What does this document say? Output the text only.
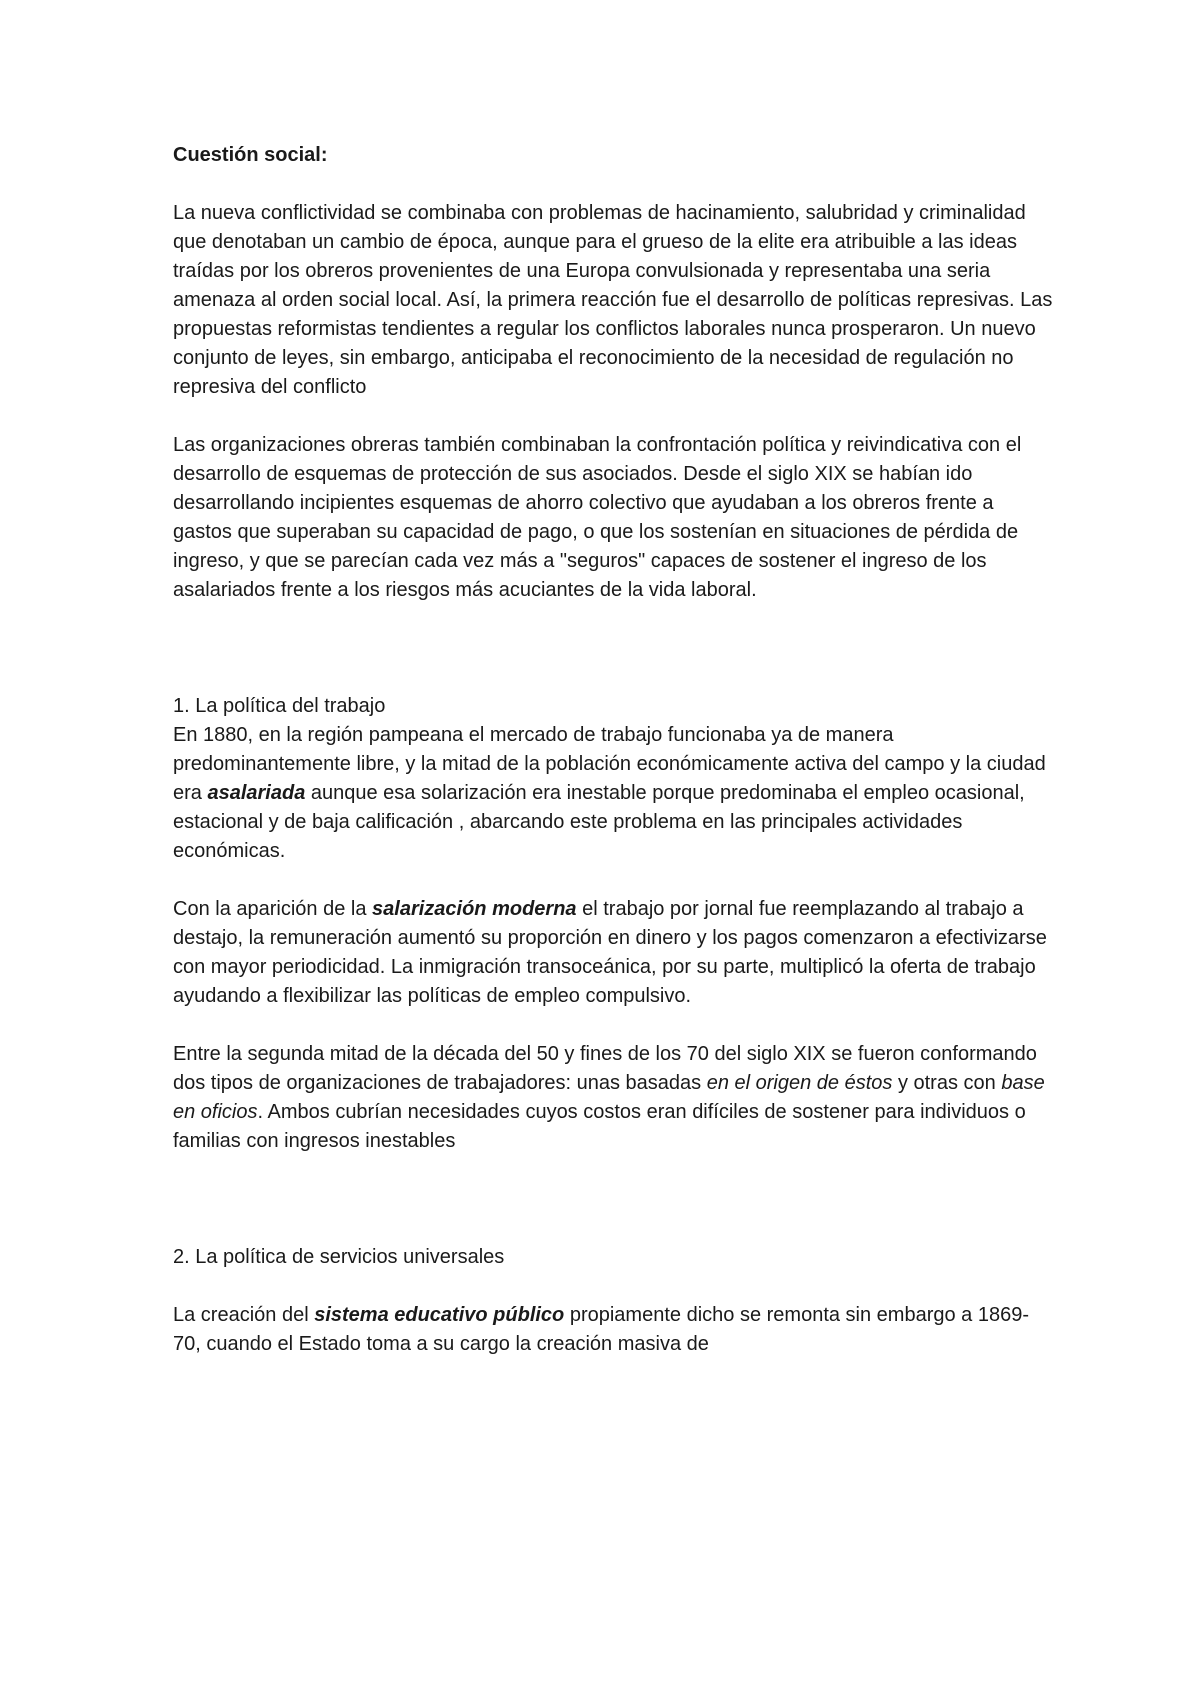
Cuestión social:

La nueva conflictividad se combinaba con problemas de hacinamiento, salubridad y criminalidad que denotaban un cambio de época, aunque para el grueso de la elite era atribuible a las ideas traídas por los obreros provenientes de una Europa convulsionada y representaba una seria amenaza al orden social local. Así, la primera reacción fue el desarrollo de políticas represivas. Las propuestas reformistas tendientes a regular los conflictos laborales nunca prosperaron. Un nuevo conjunto de leyes, sin embargo, anticipaba el reconocimiento de la necesidad de regulación no represiva del conflicto

Las organizaciones obreras también combinaban la confrontación política y reivindicativa con el desarrollo de esquemas de protección de sus asociados. Desde el siglo XIX se habían ido desarrollando incipientes esquemas de ahorro colectivo que ayudaban a los obreros frente a gastos que superaban su capacidad de pago, o que los sostenían en situaciones de pérdida de ingreso, y que se parecían cada vez más a "seguros" capaces de sostener el ingreso de los asalariados frente a los riesgos más acuciantes de la vida laboral.

1. La política del trabajo

En 1880, en la región pampeana el mercado de trabajo funcionaba ya de manera predominantemente libre, y la mitad de la población económicamente activa del campo y la ciudad era asalariada aunque esa solarización era inestable porque predominaba el empleo ocasional, estacional y de baja calificación , abarcando este problema en las principales actividades económicas.

Con la aparición de la salarización moderna el trabajo por jornal fue reemplazando al trabajo a destajo, la remuneración aumentó su proporción en dinero y los pagos comenzaron a efectivizarse con mayor periodicidad. La inmigración transoceánica, por su parte, multiplicó la oferta de trabajo ayudando a flexibilizar las políticas de empleo compulsivo.

Entre la segunda mitad de la década del 50 y fines de los 70 del siglo XIX se fueron conformando dos tipos de organizaciones de trabajadores: unas basadas en el origen de éstos y otras con base en oficios. Ambos cubrían necesidades cuyos costos eran difíciles de sostener para individuos o familias con ingresos inestables

2. La política de servicios universales

La creación del sistema educativo público propiamente dicho se remonta sin embargo a 1869-70, cuando el Estado toma a su cargo la creación masiva de
